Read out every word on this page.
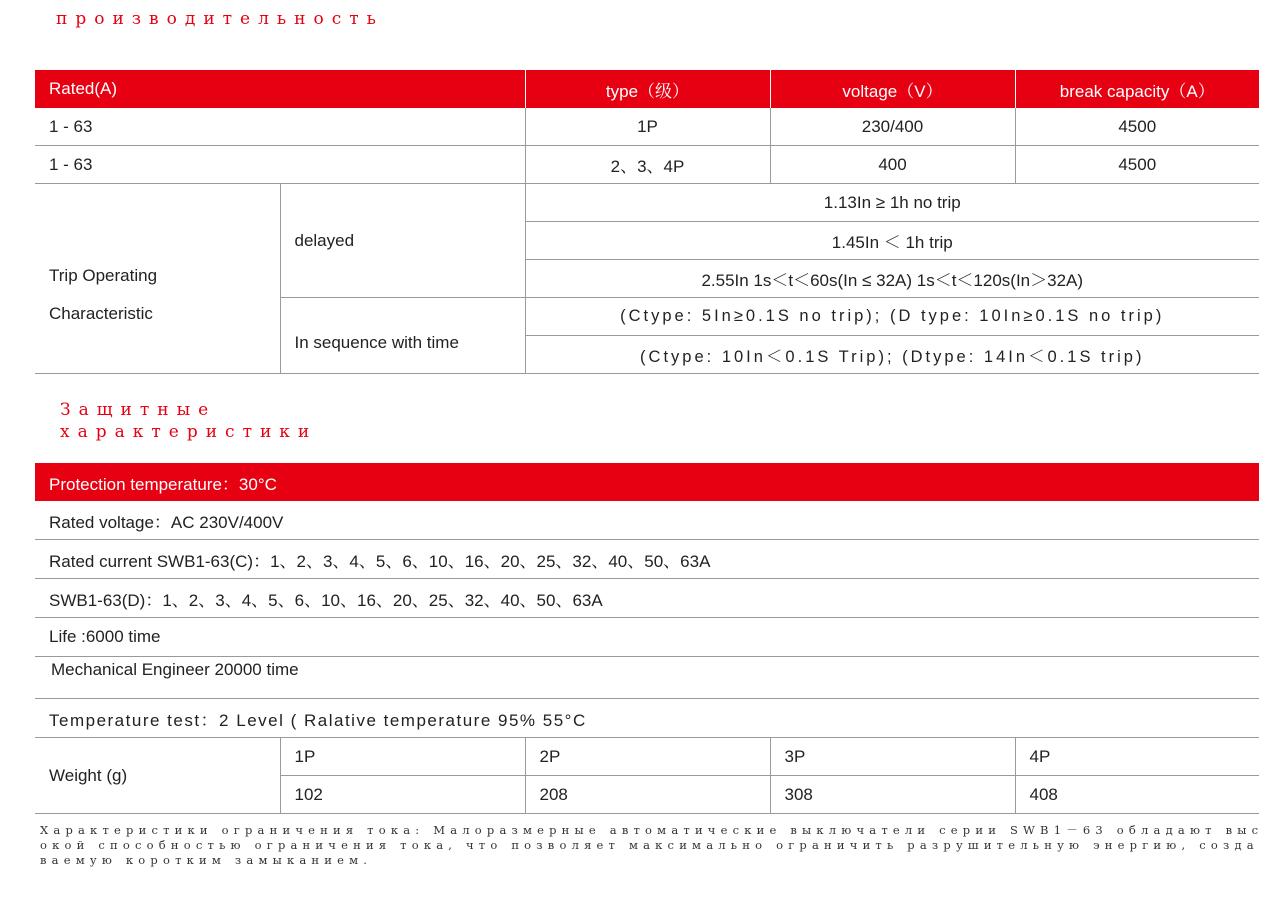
производительность
Rated(A)		type（级）	voltage（V）	break capacity（A）
1 - 63		1P	230/400	4500
1 - 63		2、3、4P	400	4500

Trip Operating
Characteristic	delayed	1.13In ≥ 1h no trip		
		1.45In ＜ 1h trip		
		2.55In 1s＜t＜60s(In ≤ 32A) 1s＜t＜120s(In＞32A)		
	In sequence with time	(Ctype: 5In≥0.1S no trip); (D type: 10In≥0.1S no trip)		
		(Ctype: 10In＜0.1S Trip); (Dtype: 14In＜0.1S trip)		
Защитные
характеристики
Protection temperature：30°C				
Rated voltage：AC 230V/400V				
Rated current SWB1-63(C)：1、2、3、4、5、6、10、16、20、25、32、40、50、63A				
SWB1-63(D)：1、2、3、4、5、6、10、16、20、25、32、40、50、63A				
Life :6000 time				
Mechanical Engineer 20000 time				
Temperature test：2 Level ( Ralative temperature 95% 55°C				
Weight (g)	1P	2P	3P	4P
	102	208	308	408
Характеристики ограничения тока: Малоразмерные автоматические выключатели серии SWB1－63 обладают высокой способностью ограничения тока, что позволяет максимально ограничить разрушительную энергию, создаваемую коротким замыканием.
